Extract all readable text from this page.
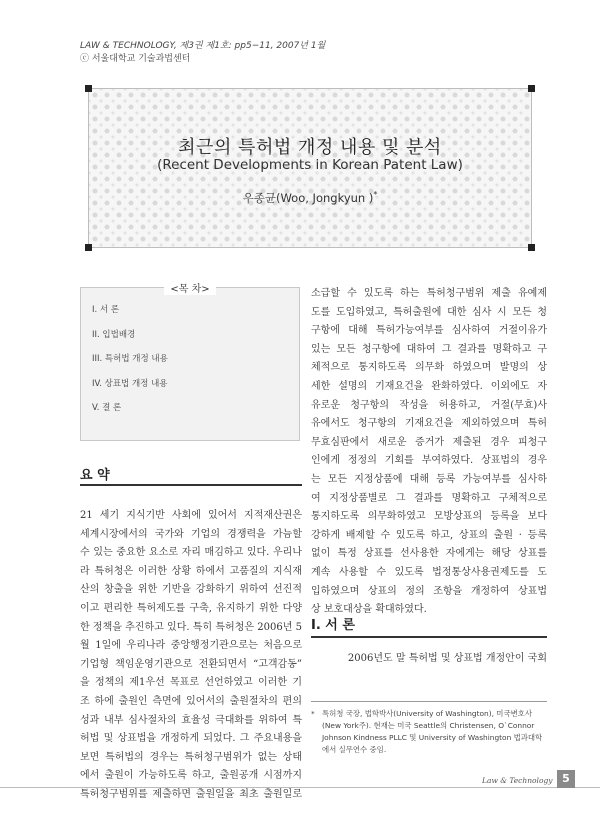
LAW & TECHNOLOGY, 제3권 제1호: pp5−11, 2007년 1월
ⓒ 서울대학교 기술과법센터
최근의 특허법 개정 내용 및 분석
(Recent Developments in Korean Patent Law)
우종균(Woo, Jongkyun )*
<목 차>
I. 서 론
II. 입법배경
III. 특허법 개정 내용
IV. 상표법 개정 내용
V. 결 론
요 약
21 세기 지식기반 사회에 있어서 지적재산권은
세계시장에서의 국가와 기업의 경쟁력을 가늠할
수 있는 중요한 요소로 자리 매김하고 있다. 우리나
라 특허청은 이러한 상황 하에서 고품질의 지식재
산의 창출을 위한 기반을 강화하기 위하여 선진적
이고 편리한 특허제도를 구축, 유지하기 위한 다양
한 정책을 추진하고 있다. 특히 특허청은 2006년 5
월 1일에 우리나라 중앙행정기관으로는 처음으로
기업형 책임운영기관으로 전환되면서 “고객감동”
을 정책의 제1우선 목표로 선언하였고 이러한 기
조 하에 출원인 측면에 있어서의 출원절차의 편의
성과 내부 심사절차의 효율성 극대화를 위하여 특
허법 및 상표법을 개정하게 되었다. 그 주요내용을
보면 특허법의 경우는 특허청구범위가 없는 상태
에서 출원이 가능하도록 하고, 출원공개 시점까지
특허청구범위를 제출하면 출원일을 최초 출원일로
소급할 수 있도록 하는 특허청구범위 제출 유예제
도를 도입하였고, 특허출원에 대한 심사 시 모든 청
구항에 대해 특허가능여부를 심사하여 거절이유가
있는 모든 청구항에 대하여 그 결과를 명확하고 구
체적으로 통지하도록 의무화 하였으며 발명의 상
세한 설명의 기재요건을 완화하였다. 이외에도 자
유로운 청구항의 작성을 허용하고, 거절(무효)사
유에서도 청구항의 기재요건을 제외하였으며 특허
무효심판에서 새로운 증거가 제출된 경우 피청구
인에게 정정의 기회를 부여하였다. 상표법의 경우
는 모든 지정상품에 대해 등록 가능여부를 심사하
여 지정상품별로 그 결과를 명확하고 구체적으로
통지하도록 의무화하였고 모방상표의 등록을 보다
강하게 배제할 수 있도록 하고, 상표의 출원 · 등록
없이 특정 상표를 선사용한 자에게는 해당 상표를
계속 사용할 수 있도록 법정통상사용권제도를 도
입하였으며 상표의 정의 조항을 개정하여 상표법
상 보호대상을 확대하였다.
I. 서 론
2006년도 말 특허법 및 상표법 개정안이 국회
* 특허청 국장, 법학박사(University of Washington), 미국변호사
(New York주). 현재는 미국 Seattle의 Christensen, O`Connor
Johnson Kindness PLLC 및 University of Washington 법과대학
에서 실무연수 중임.
Law & Technology 5
